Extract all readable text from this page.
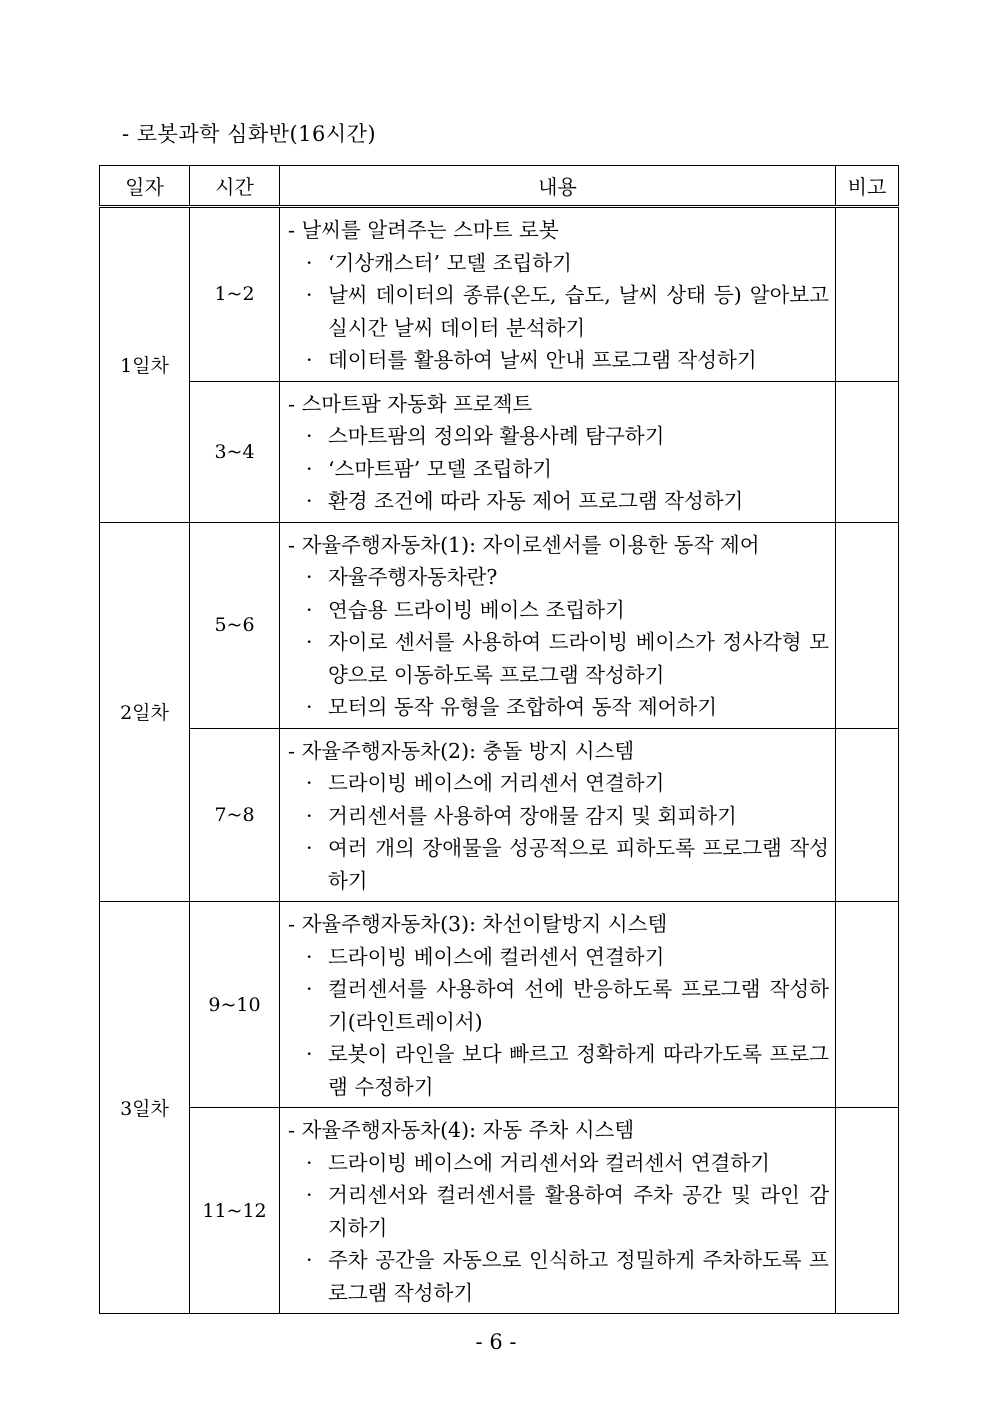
- 로봇과학 심화반(16시간)
일자	시간	내용	비고
1일차	1~2	- 날씨를 알려주는 스마트 로봇
· ‘기상캐스터’ 모델 조립하기
· 날씨 데이터의 종류(온도, 습도, 날씨 상태 등) 알아보고 실시간 날씨 데이터 분석하기
· 데이터를 활용하여 날씨 안내 프로그램 작성하기	

	3~4	- 스마트팜 자동화 프로젝트
· 스마트팜의 정의와 활용사례 탐구하기
· ‘스마트팜’ 모델 조립하기
· 환경 조건에 따라 자동 제어 프로그램 작성하기	

2일차	5~6	- 자율주행자동차(1): 자이로센서를 이용한 동작 제어
· 자율주행자동차란?
· 연습용 드라이빙 베이스 조립하기
· 자이로 센서를 사용하여 드라이빙 베이스가 정사각형 모양으로 이동하도록 프로그램 작성하기
· 모터의 동작 유형을 조합하여 동작 제어하기	

	7~8	- 자율주행자동차(2): 충돌 방지 시스템
· 드라이빙 베이스에 거리센서 연결하기
· 거리센서를 사용하여 장애물 감지 및 회피하기
· 여러 개의 장애물을 성공적으로 피하도록 프로그램 작성하기	

3일차	9~10	- 자율주행자동차(3): 차선이탈방지 시스템
· 드라이빙 베이스에 컬러센서 연결하기
· 컬러센서를 사용하여 선에 반응하도록 프로그램 작성하기(라인트레이서)
· 로봇이 라인을 보다 빠르고 정확하게 따라가도록 프로그램 수정하기	

	11~12	- 자율주행자동차(4): 자동 주차 시스템
· 드라이빙 베이스에 거리센서와 컬러센서 연결하기
· 거리센서와 컬러센서를 활용하여 주차 공간 및 라인 감지하기
· 주차 공간을 자동으로 인식하고 정밀하게 주차하도록 프로그램 작성하기	

- 6 -
